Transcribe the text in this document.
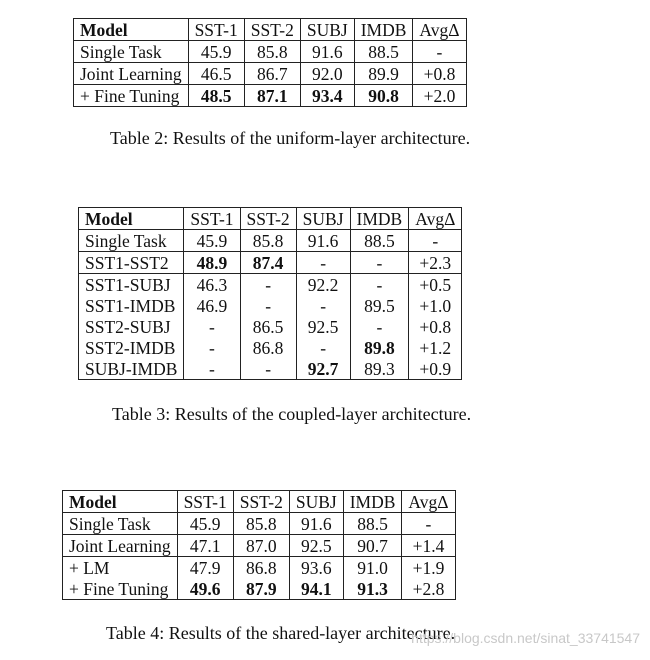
Model	SST-1	SST-2	SUBJ	IMDB	AvgΔ
Single Task	45.9	85.8	91.6	88.5	-
Joint Learning	46.5	86.7	92.0	89.9	+0.8
+ Fine Tuning	48.5	87.1	93.4	90.8	+2.0
Table 2: Results of the uniform-layer architecture.
Model	SST-1	SST-2	SUBJ	IMDB	AvgΔ
Single Task	45.9	85.8	91.6	88.5	-
SST1-SST2	48.9	87.4	-	-	+2.3
SST1-SUBJ	46.3	-	92.2	-	+0.5
SST1-IMDB	46.9	-	-	89.5	+1.0
SST2-SUBJ	-	86.5	92.5	-	+0.8
SST2-IMDB	-	86.8	-	89.8	+1.2
SUBJ-IMDB	-	-	92.7	89.3	+0.9
Table 3: Results of the coupled-layer architecture.
Model	SST-1	SST-2	SUBJ	IMDB	AvgΔ
Single Task	45.9	85.8	91.6	88.5	-
Joint Learning	47.1	87.0	92.5	90.7	+1.4
+ LM	47.9	86.8	93.6	91.0	+1.9
+ Fine Tuning	49.6	87.9	94.1	91.3	+2.8
Table 4: Results of the shared-layer architecture.
https://blog.csdn.net/sinat_33741547
